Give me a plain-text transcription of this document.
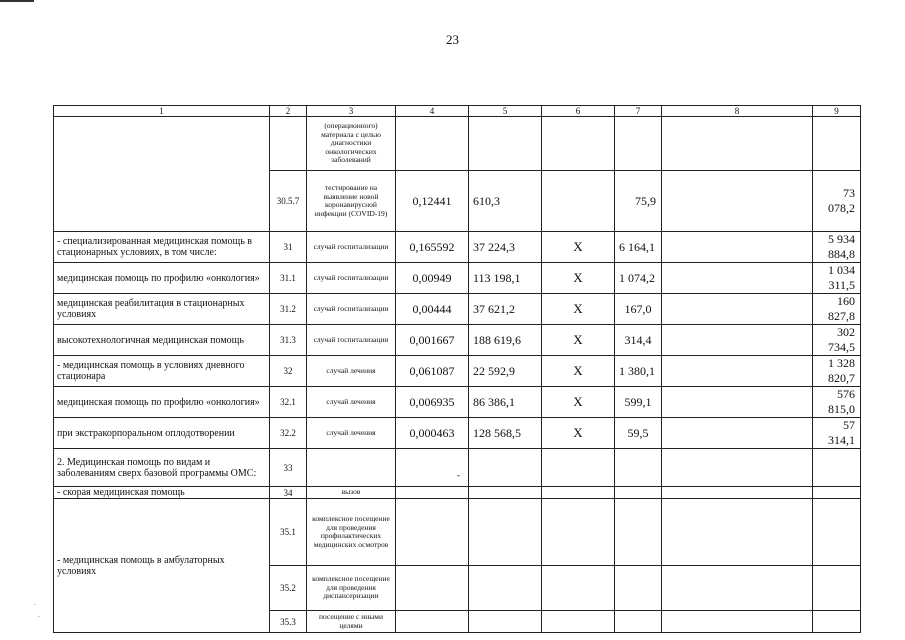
23
1	2	3	4	5	6	7	8	9	
		(операционного) материала с целью диагностики онкологических заболеваний							
	30.5.7	тестирование на выявление новой коронавирусной инфекции (COVID-19)	0,12441	610,3		75,9		73 078,2	
- специализированная медицинская помощь в стационарных условиях, в том числе:	31	случай госпитализации	0,165592	37 224,3	X	6 164,1		5 934 884,8	
медицинская помощь по профилю «онкология»	31.1	случай госпитализации	0,00949	113 198,1	X	1 074,2		1 034 311,5	
медицинская реабилитация в стационарных условиях	31.2	случай госпитализации	0,00444	37 621,2	X	167,0		160 827,8	
высокотехнологичная медицинская помощь	31.3	случай госпитализации	0,001667	188 619,6	X	314,4		302 734,5	
- медицинская помощь в условиях дневного стационара	32	случай лечения	0,061087	22 592,9	X	1 380,1		1 328 820,7	
медицинская помощь по профилю «онкология»	32.1	случай лечения	0,006935	86 386,1	X	599,1		576 815,0	
при экстракорпоральном оплодотворении	32.2	случай лечения	0,000463	128 568,5	X	59,5		57 314,1	
2. Медицинская помощь по видам и заболеваниям сверх базовой программы ОМС:	33		-						
- скорая медицинская помощь	34	вызов							
- медицинская помощь в амбулаторных условиях	35.1	комплексное посещение для проведения профилактических медицинских осмотров							
	35.2	комплексное посещение для проведения диспансеризации							
	35.3	посещение с иными целями							
.
.
